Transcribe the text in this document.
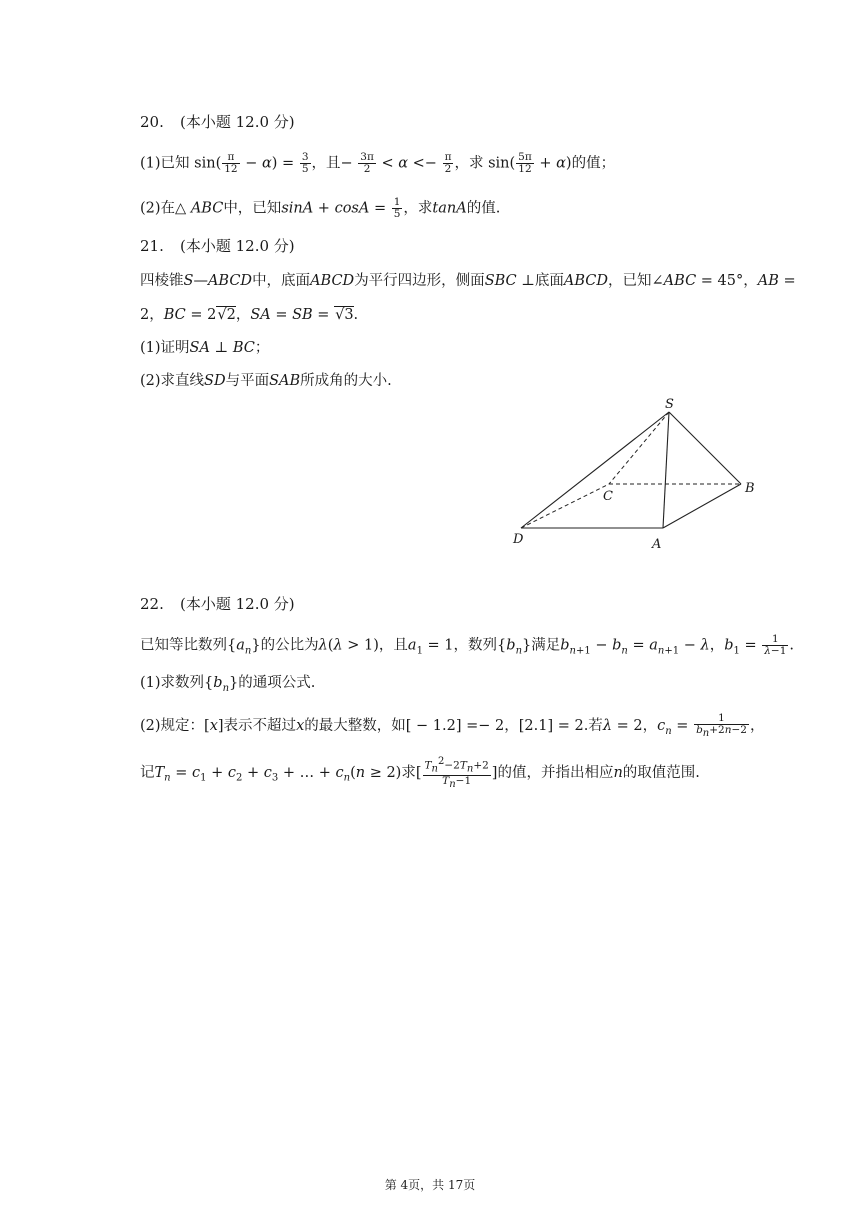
20. (本小题 12.0 分)
(1)已知 $\sin( \frac{\pi}{12} - \alpha) = \frac{3}{5}$ ，且− $\frac{3\pi}{2} < \alpha <- \frac{\pi}{2}$ ，求 $\sin( \frac{5\pi}{12} + \alpha)$的值；
(2)在△ ABC中，已知$\sin A + \cos A = \frac{1}{5}$ ，求tanA的值.
21. (本小题 12.0 分)
四棱锥S—ABCD中，底面ABCD为平行四边形，侧面SBC ⊥底面ABCD，已知∠ABC = 45°，AB =
2，BC = 2√2，SA = SB = √3.
(1)证明SA ⊥ BC；
(2)求直线SD与平面SAB所成角的大小.
S
C
B
D	A
22. (本小题 12.0 分)
已知等比数列$\{a_n\}$的公比为λ(λ > 1)，且$a_1 = 1$，数列$\{b_n\}$满足$b_{n+1} - b_n = a_{n+1} - \lambda$，$b_1 = \frac{1}{\lambda-1}$ .
(1)求数列$\{b_n\}$的通项公式.
(2)规定：[x]表示不超过x的最大整数，如[ − 1.2] =− 2，[2.1] = 2.若λ = 2，$c_n = \frac{1}{b_n+2n-2}$ ，
记$T_n = c_1 + c_2 + c_3$ + … + $c_n(n \ge 2)$求[ $\frac{T_n^2-2T_n+2}{T_n-1}$ ]的值，并指出相应n的取值范围.
第 4页，共 17页
